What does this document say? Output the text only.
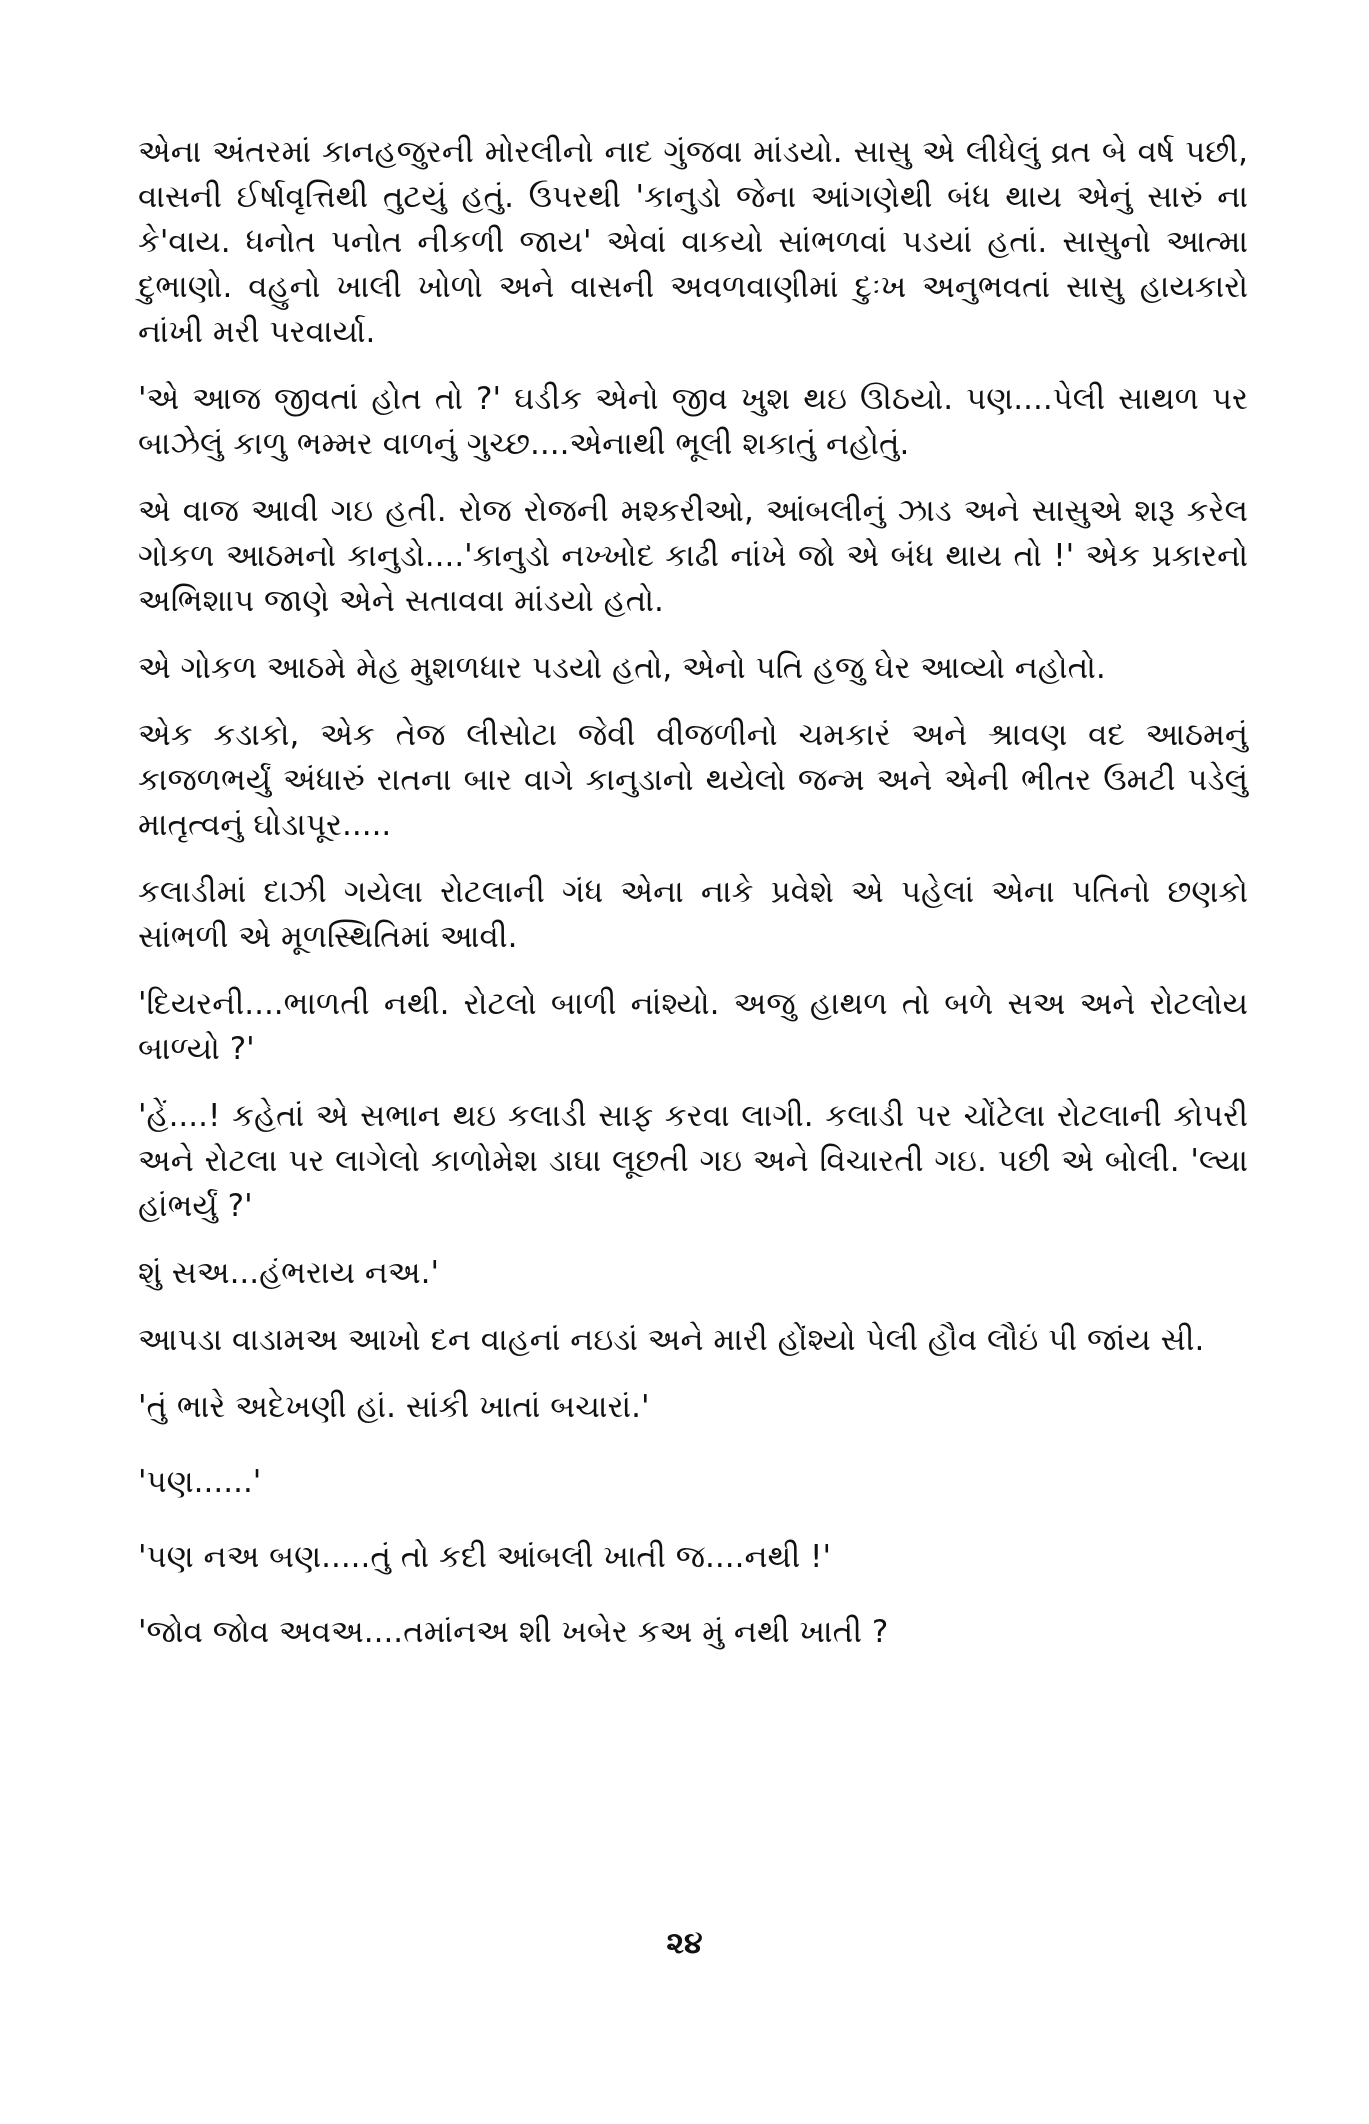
એના અંતરમાં કાનહજુરની મોરલીનો નાદ ગુંજવા માંડયો. સાસુ એ લીધેલું વ્રત બે વર્ષ પછી, વાસની ઈર્ષાવૃત્તિથી તુટયું હતું. ઉપરથી 'કાનુડો જેના આંગણેથી બંધ થાય એનું સારું ના કે'વાય. ધનોત પનોત નીકળી જાય' એવાં વાકયો સાંભળવાં પડયાં હતાં. સાસુનો આત્મા દુભાણો. વહુનો ખાલી ખોળો અને વાસની અવળવાણીમાં દુઃખ અનુભવતાં સાસુ હાયકારો નાંખી મરી પરવાર્યા.

'એ આજ જીવતાં હોત તો ?' ઘડીક એનો જીવ ખુશ થઇ ઊઠયો. પણ....પેલી સાથળ પર બાઝેલું કાળુ ભમ્મર વાળનું ગુચ્છ....એનાથી ભૂલી શકાતું નહોતું.

એ વાજ આવી ગઇ હતી. રોજ રોજની મશ્કરીઓ, આંબલીનું ઝાડ અને સાસુએ શરૂ કરેલ ગોકળ આઠમનો કાનુડો....'કાનુડો નખ્ખોદ કાઢી નાંખે જો એ બંધ થાય તો !' એક પ્રકારનો અભિશાપ જાણે એને સતાવવા માંડયો હતો.

એ ગોકળ આઠમે મેહ મુશળધાર પડયો હતો, એનો પતિ હજુ ઘેર આવ્યો નહોતો.

એક કડાકો, એક તેજ લીસોટા જેવી વીજળીનો ચમકારં અને શ્રાવણ વદ આઠમનું કાજળભર્યું અંધારું રાતના બાર વાગે કાનુડાનો થયેલો જન્મ અને એની ભીતર ઉમટી પડેલું માતૃત્વનું ઘોડાપૂર.....

કલાડીમાં દાઝી ગયેલા રોટલાની ગંધ એના નાકે પ્રવેશે એ પહેલાં એના પતિનો છણકો સાંભળી એ મૂળસ્થિતિમાં આવી.

'દિયરની....ભાળતી નથી. રોટલો બાળી નાંશ્યો. અજુ હાથળ તો બળે સઅ અને રોટલોય બાળ્યો ?'

'હેં....! કહેતાં એ સભાન થઇ કલાડી સાફ કરવા લાગી. કલાડી પર ચોંટેલા રોટલાની કોપરી અને રોટલા પર લાગેલો કાળોમેશ ડાઘા લૂછતી ગઇ અને વિચારતી ગઇ. પછી એ બોલી. 'લ્યા હાંભર્યું ?'

શું સઅ...હંભરાય નઅ.'

આપડા વાડામઅ આખો દન વાહનાં નઇડાં અને મારી હોંશ્યો પેલી હૌવ લૌઇં પી જાંય સી.

'તું ભારે અદેખણી હાં. સાંકી ખાતાં બચારાં.'

'પણ......'

'પણ નઅ બણ.....તું તો કદી આંબલી ખાતી જ....નથી !'

'જોવ જોવ અવઅ....તમાંનઅ શી ખબેર કઅ મું નથી ખાતી ?

૨૪
